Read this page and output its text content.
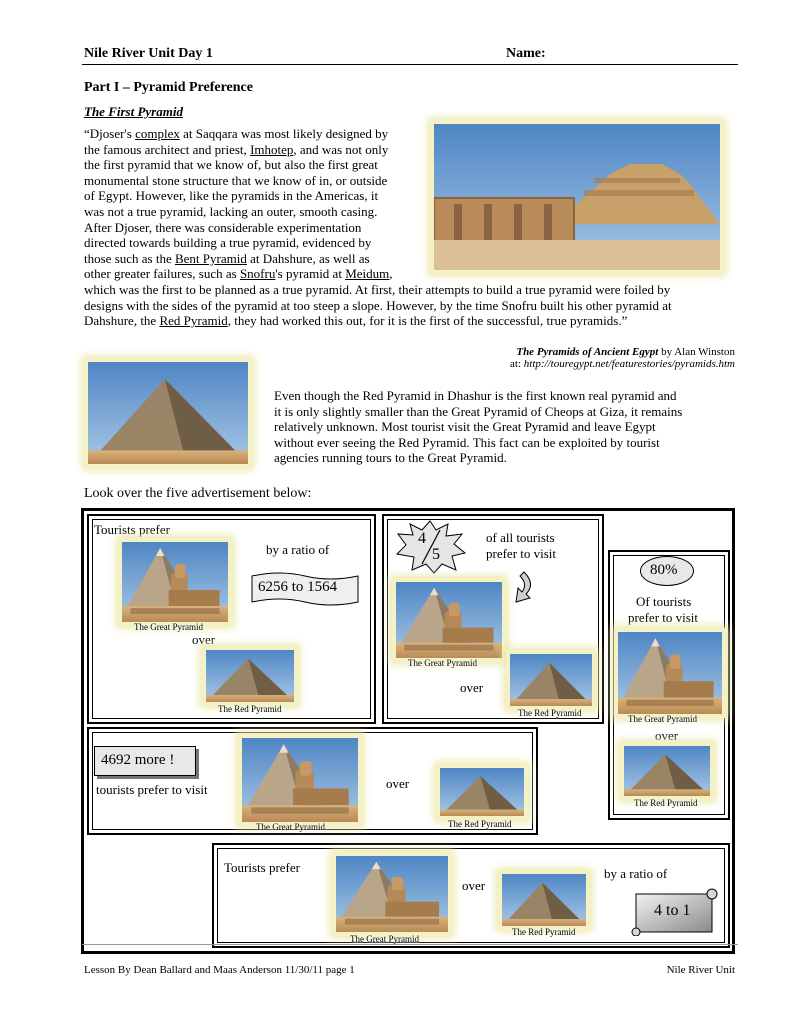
Nile River Unit Day 1	Name:
Part I – Pyramid Preference
The First Pyramid
“Djoser's complex at Saqqara was most likely designed by
the famous architect and priest, Imhotep, and was not only
the first pyramid that we know of, but also the first great
monumental stone structure that we know of in, or outside
of Egypt. However, like the pyramids in the Americas, it
was not a true pyramid, lacking an outer, smooth casing.
After Djoser, there was considerable experimentation
directed towards building a true pyramid, evidenced by
those such as the Bent Pyramid at Dahshure, as well as
other greater failures, such as Snofru's pyramid at Meidum,
which was the first to be planned as a true pyramid. At first, their attempts to build a true pyramid were foiled by
designs with the sides of the pyramid at too steep a slope. However, by the time Snofru built his other pyramid at
Dahshure, the Red Pyramid, they had worked this out, for it is the first of the successful, true pyramids.”
The Pyramids of Ancient Egypt by Alan Winston
at: http://touregypt.net/featurestories/pyramids.htm
Even though the Red Pyramid in Dhashur is the first known real pyramid and
it is only slightly smaller than the Great Pyramid of Cheops at Giza, it remains
relatively unknown. Most tourist visit the Great Pyramid and leave Egypt
without ever seeing the Red Pyramid. This fact can be exploited by tourist
agencies running tours to the Great Pyramid.
Look over the five advertisement below:
Tourists prefer
by a ratio of
6256 to 1564
The Great Pyramid
over
The Red Pyramid
4
5
of all tourists
prefer to visit
The Great Pyramid
over
The Red Pyramid
80%
Of tourists
prefer to visit
The Great Pyramid
over
The Red Pyramid
4692 more !
tourists prefer to visit
The Great Pyramid
over
The Red Pyramid
Tourists prefer
The Great Pyramid
over
The Red Pyramid
by a ratio of
4 to 1
Lesson By Dean Ballard and Maas Anderson 11/30/11 page 1	Nile River Unit
